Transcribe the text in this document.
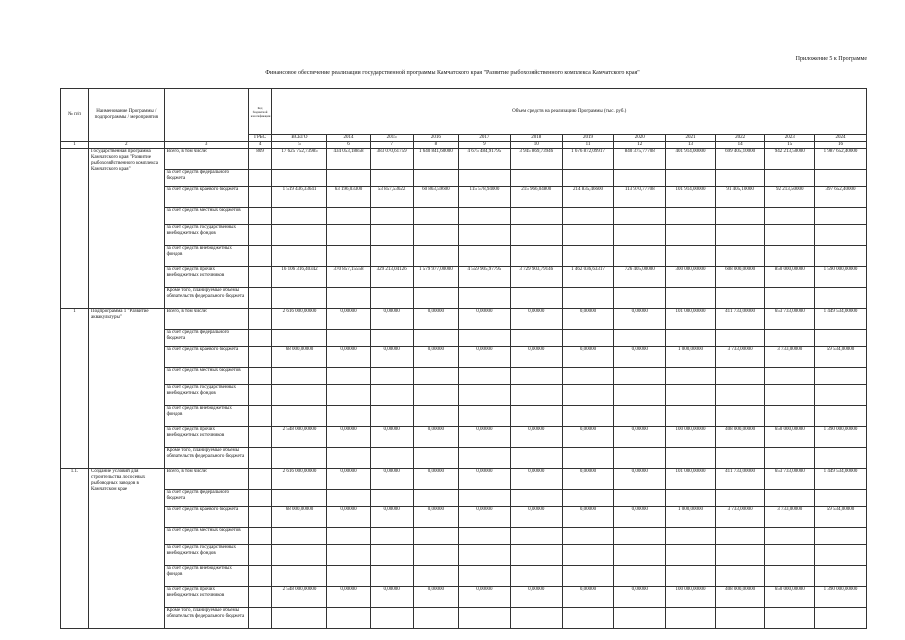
Приложение 5 к Программе
Финансовое обеспечение реализации государственной программы Камчатского края "Развитие рыбохозяйственного комплекса Камчатского края"
№ п/п	Наименование Программы / подпрограммы / мероприятия		Код бюджетной классификации	Объем средств на реализацию Программы (тыс. руб.)											
			ГРБС	ВСЕГО	2014	2015	2016	2017	2018	2019	2020	2021	2022	2023	2024
1	2	3	4	5	6	7	8	9	10	11	12	13	14	15	16
	Государственная программа Камчатского края "Развитие рыбохозяйственного комплекса Камчатского края"	Всего, в том числе:	809	17 625 752,73985	434 053,18858	383 070,61759	1 640 841,60000	4 675 484,91795	3 945 869,73946	1 676 872,09917	840 375,77708	401 914,00000	699 405,10000	942 213,50000	1 987 652,40000
		за счет средств федерального бюджета													
		за счет средств краевого бюджета		1 519 436,33641	63 196,03300	53 857,53622	60 863,59600	115 578,94000	215 966,04800	214 835,46600	113 970,77708	101 914,00000	91 405,10000	92 213,50000	397 652,40000
		за счет средств местных бюджетов													
		за счет средств государственных внебюджетных фондов													
		за счет средств внебюджетных фондов													
		за счет средств прочих внебюджетных источников		16 106 316,40342	370 857,15558	329 213,04126	1 579 977,00000	4 559 905,97795	3 729 903,79146	1 462 036,63317	726 405,00000	300 000,00000	608 000,00000	850 000,00000	1 590 000,00000
		Кроме того, планируемые объемы обязательств федерального бюджета													
1	Подпрограмма 1 "Развитие аквакультуры"	Всего, в том числе:		2 616 000,00000	0,00000	0,00000	0,00000	0,00000	0,00000	0,00000	0,00000	101 000,00000	411 733,00000	653 733,00000	1 449 534,00000
		за счет средств федерального бюджета													
		за счет средств краевого бюджета		68 000,00000	0,00000	0,00000	0,00000	0,00000	0,00000	0,00000	0,00000	1 000,00000	3 733,00000	3 733,00000	59 534,00000
		за счет средств местных бюджетов													
		за счет средств государственных внебюджетных фондов													
		за счет средств внебюджетных фондов													
		за счет средств прочих внебюджетных источников		2 548 000,00000	0,00000	0,00000	0,00000	0,00000	0,00000	0,00000	0,00000	100 000,00000	408 000,00000	650 000,00000	1 390 000,00000
		Кроме того, планируемые объемы обязательств федерального бюджета													
1.1.	Создание условий для строительства лососевых рыбоводных заводов в Камчатском крае	Всего, в том числе:		2 616 000,00000	0,00000	0,00000	0,00000	0,00000	0,00000	0,00000	0,00000	101 000,00000	411 733,00000	653 733,00000	1 449 534,00000
		за счет средств федерального бюджета													
		за счет средств краевого бюджета		68 000,00000	0,00000	0,00000	0,00000	0,00000	0,00000	0,00000	0,00000	1 000,00000	3 733,00000	3 733,00000	59 534,00000
		за счет средств местных бюджетов													
		за счет средств государственных внебюджетных фондов													
		за счет средств внебюджетных фондов													
		за счет средств прочих внебюджетных источников		2 548 000,00000	0,00000	0,00000	0,00000	0,00000	0,00000	0,00000	0,00000	100 000,00000	408 000,00000	650 000,00000	1 390 000,00000
		Кроме того, планируемые объемы обязательств федерального бюджета													
